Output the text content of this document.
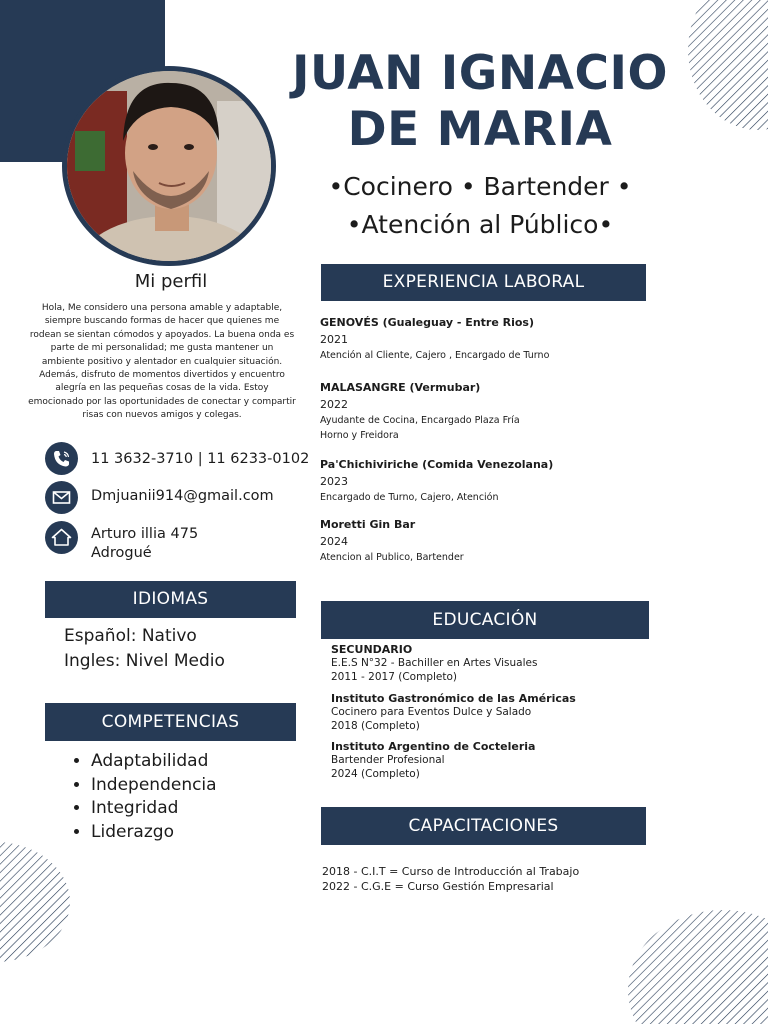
JUAN IGNACIO
DE MARIA
•Cocinero • Bartender •
•Atención al Público•
Mi perfil
Hola, Me considero una persona amable y adaptable, siempre buscando formas de hacer que quienes me rodean se sientan cómodos y apoyados. La buena onda es parte de mi personalidad; me gusta mantener un ambiente positivo y alentador en cualquier situación. Además, disfruto de momentos divertidos y encuentro alegría en las pequeñas cosas de la vida. Estoy emocionado por las oportunidades de conectar y compartir risas con nuevos amigos y colegas.
11 3632-3710 | 11 6233-0102
Dmjuanii914@gmail.com
Arturo illia 475
Adrogué
IDIOMAS
Español: Nativo
Ingles: Nivel Medio
COMPETENCIAS
• Adaptabilidad
• Independencia
• Integridad
• Liderazgo
EXPERIENCIA LABORAL
GENOVÉS (Gualeguay - Entre Rios)
2021
Atención al Cliente, Cajero , Encargado de Turno
MALASANGRE (Vermubar)
2022
Ayudante de Cocina, Encargado Plaza Fría
Horno y Freidora
Pa'Chichiviriche (Comida Venezolana)
2023
Encargado de Turno, Cajero, Atención
Moretti Gin Bar
2024
Atencion al Publico, Bartender
EDUCACIÓN
SECUNDARIO
E.E.S N°32 - Bachiller en Artes Visuales
2011 - 2017 (Completo)
Instituto Gastronómico de las Américas
Cocinero para Eventos Dulce y Salado
2018 (Completo)
Instituto Argentino de Cocteleria
Bartender Profesional
2024 (Completo)
CAPACITACIONES
2018 - C.I.T = Curso de Introducción al Trabajo
2022 - C.G.E = Curso Gestión Empresarial
